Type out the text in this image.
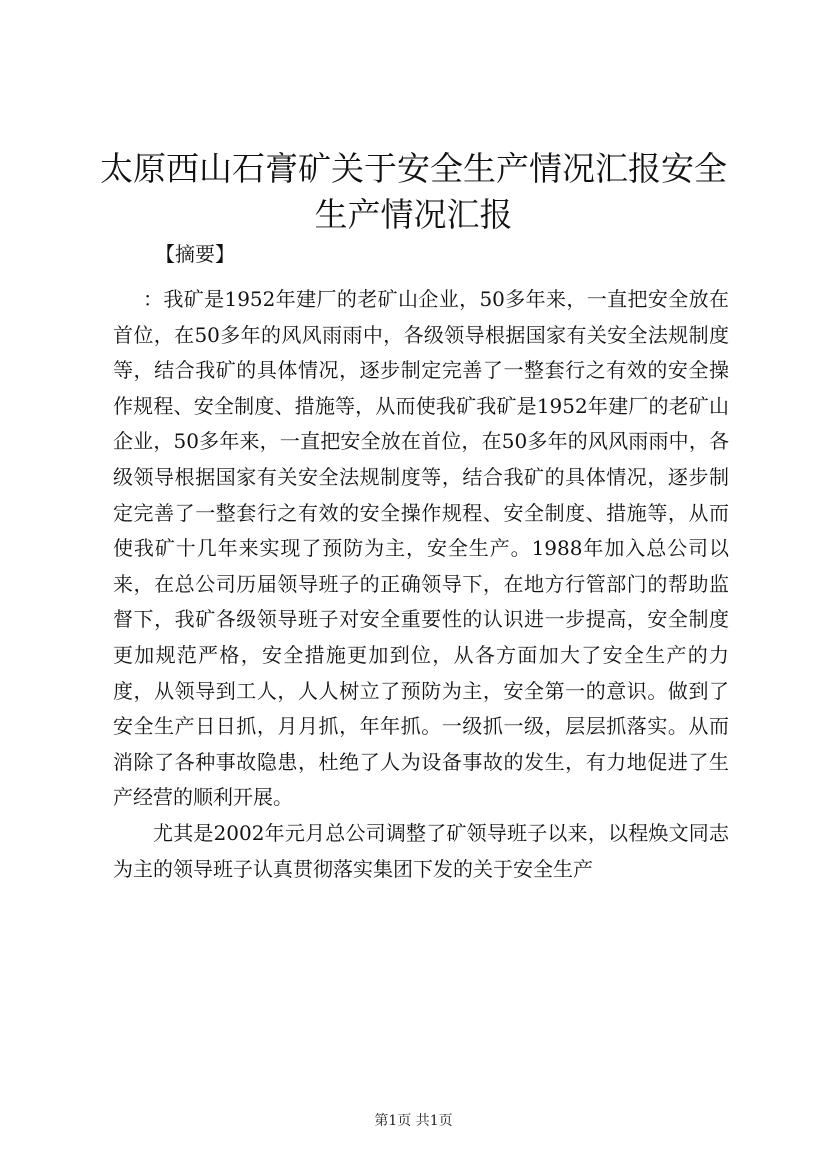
太原西山石膏矿关于安全生产情况汇报安全生产情况汇报
【摘要】

：我矿是1952年建厂的老矿山企业，50多年来，一直把安全放在首位，在50多年的风风雨雨中，各级领导根据国家有关安全法规制度等，结合我矿的具体情况，逐步制定完善了一整套行之有效的安全操作规程、安全制度、措施等，从而使我矿我矿是1952年建厂的老矿山企业，50多年来，一直把安全放在首位，在50多年的风风雨雨中，各级领导根据国家有关安全法规制度等，结合我矿的具体情况，逐步制定完善了一整套行之有效的安全操作规程、安全制度、措施等，从而使我矿十几年来实现了预防为主，安全生产。1988年加入总公司以来，在总公司历届领导班子的正确领导下，在地方行管部门的帮助监督下，我矿各级领导班子对安全重要性的认识进一步提高，安全制度更加规范严格，安全措施更加到位，从各方面加大了安全生产的力度，从领导到工人，人人树立了预防为主，安全第一的意识。做到了安全生产日日抓，月月抓，年年抓。一级抓一级，层层抓落实。从而消除了各种事故隐患，杜绝了人为设备事故的发生，有力地促进了生产经营的顺利开展。

尤其是2002年元月总公司调整了矿领导班子以来，以程焕文同志为主的领导班子认真贯彻落实集团下发的关于安全生产

第1页 共1页
